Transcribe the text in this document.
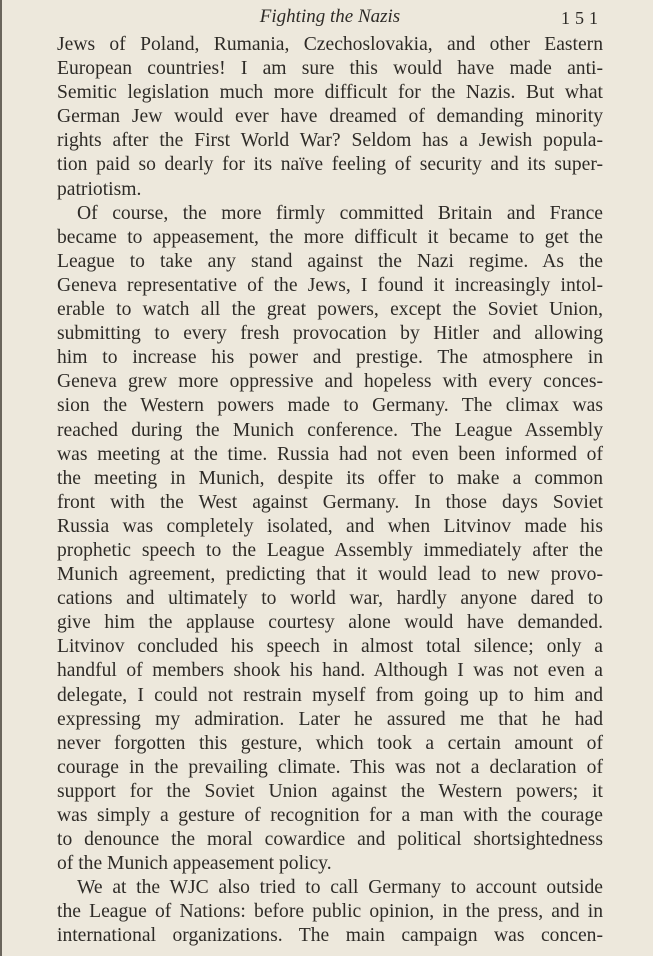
Fighting the Nazis	151
Jews of Poland, Rumania, Czechoslovakia, and other Eastern
European countries! I am sure this would have made anti-
Semitic legislation much more difficult for the Nazis. But what
German Jew would ever have dreamed of demanding minority
rights after the First World War? Seldom has a Jewish popula-
tion paid so dearly for its naïve feeling of security and its super-
patriotism.
Of course, the more firmly committed Britain and France
became to appeasement, the more difficult it became to get the
League to take any stand against the Nazi regime. As the
Geneva representative of the Jews, I found it increasingly intol-
erable to watch all the great powers, except the Soviet Union,
submitting to every fresh provocation by Hitler and allowing
him to increase his power and prestige. The atmosphere in
Geneva grew more oppressive and hopeless with every conces-
sion the Western powers made to Germany. The climax was
reached during the Munich conference. The League Assembly
was meeting at the time. Russia had not even been informed of
the meeting in Munich, despite its offer to make a common
front with the West against Germany. In those days Soviet
Russia was completely isolated, and when Litvinov made his
prophetic speech to the League Assembly immediately after the
Munich agreement, predicting that it would lead to new provo-
cations and ultimately to world war, hardly anyone dared to
give him the applause courtesy alone would have demanded.
Litvinov concluded his speech in almost total silence; only a
handful of members shook his hand. Although I was not even a
delegate, I could not restrain myself from going up to him and
expressing my admiration. Later he assured me that he had
never forgotten this gesture, which took a certain amount of
courage in the prevailing climate. This was not a declaration of
support for the Soviet Union against the Western powers; it
was simply a gesture of recognition for a man with the courage
to denounce the moral cowardice and political shortsightedness
of the Munich appeasement policy.
We at the WJC also tried to call Germany to account outside
the League of Nations: before public opinion, in the press, and in
international organizations. The main campaign was concen-
